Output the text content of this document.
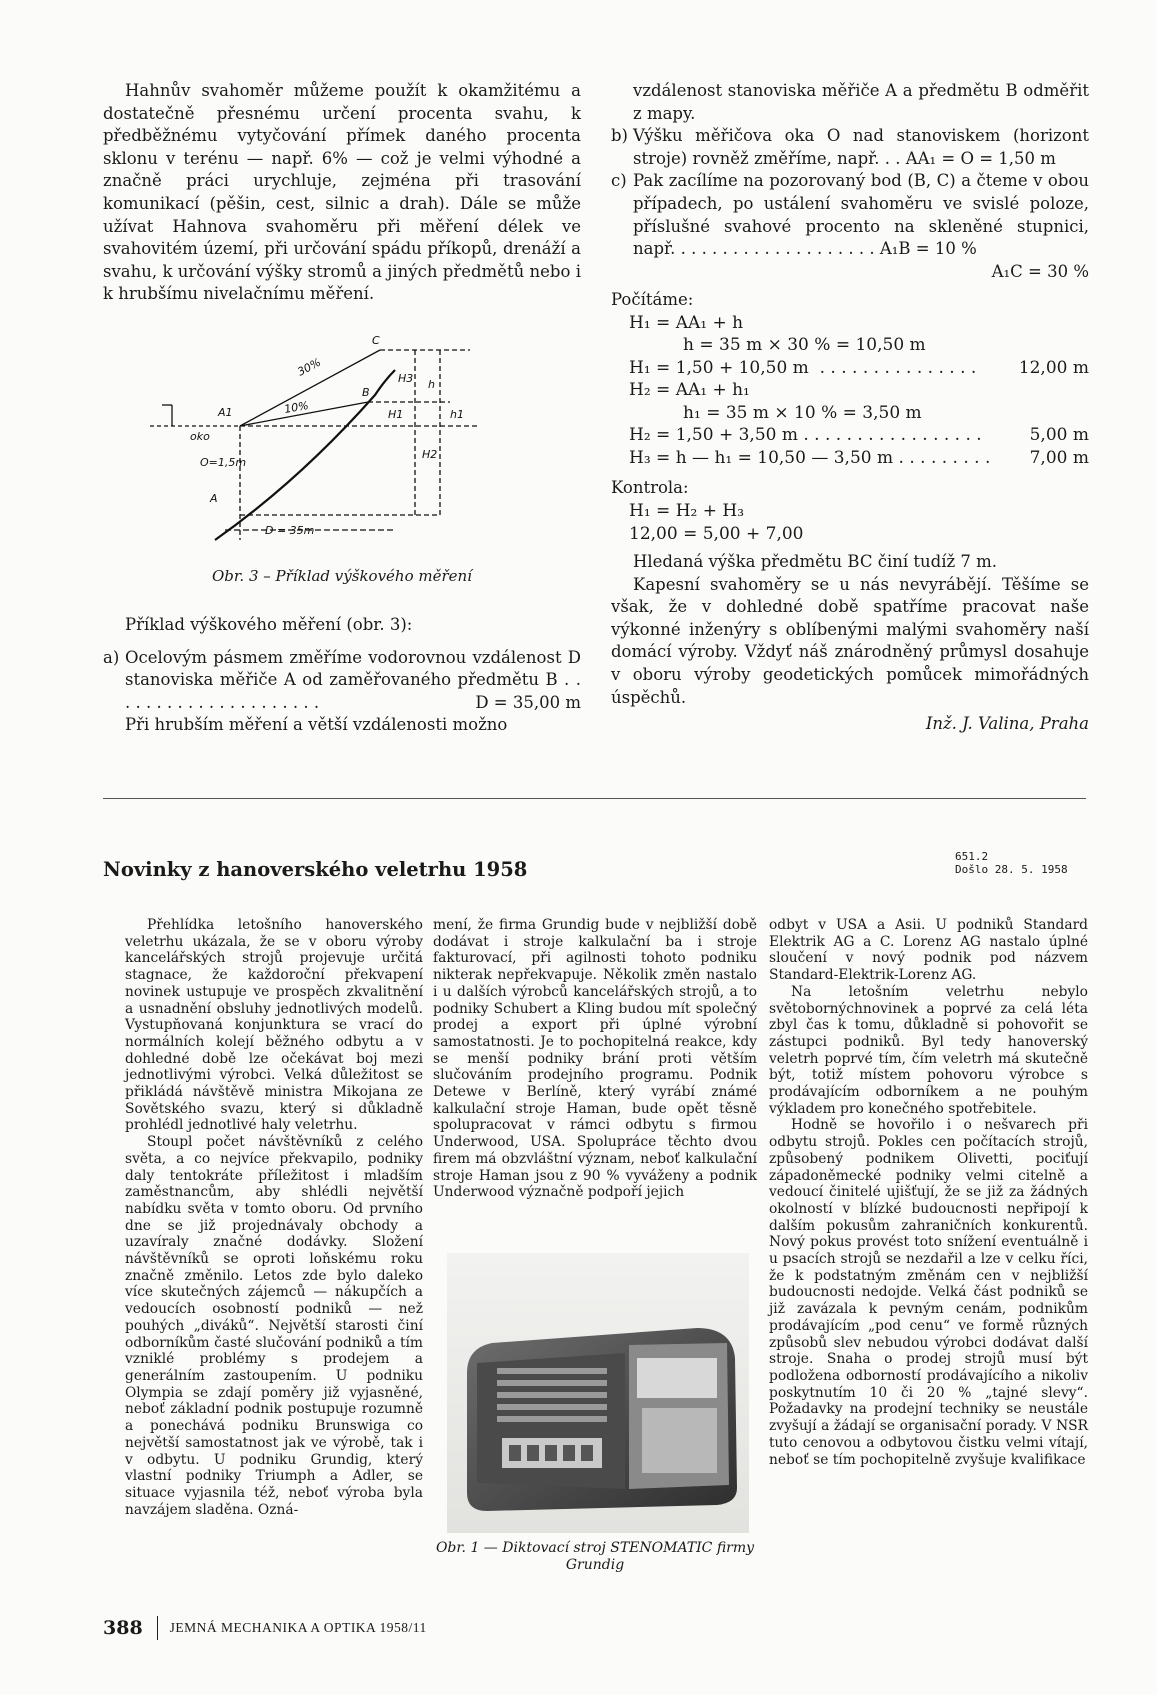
Hahnův svahoměr můžeme použít k okamžitému a dostatečně přesnému určení procenta svahu, k předběžnému vytyčování přímek daného procenta sklonu v terénu — např. 6% — což je velmi výhodné a značně práci urychluje, zejména při trasování komunikací (pěšin, cest, silnic a drah). Dále se může užívat Hahnova svahoměru při měření délek ve svahovitém území, při určování spádu příkopů, drenáží a svahu, k určování výšky stromů a jiných předmětů nebo i k hrubšímu nivelačnímu měření.

C
B
A1
A
oko
O=1,5m
30%
10%
H3 h
H1	h1
H2
D = 35m
Obr. 3 – Příklad výškového měření

Příklad výškového měření (obr. 3):

a) Ocelovým pásmem změříme vodorovnou vzdálenost D stanoviska měřiče A od zaměřovaného předmětu B . . . . . . . . . . . . . . . . . . . . .	D = 35,00 m

Při hrubším měření a větší vzdálenosti možno
vzdálenost stanoviska měřiče A a předmětu B odměřit z mapy.
b) Výšku měřičova oka O nad stanoviskem (horizont stroje) rovněž změříme, např. . . AA₁ = O = 1,50 m
c) Pak zacílíme na pozorovaný bod (B, C) a čteme v obou případech, po ustálení svahoměru ve svislé poloze, příslušné svahové procento na skleněné stupnici, např. . . . . . . . . . . . . . . . . . . . A₁B = 10 %
A₁C = 30 %
Počítáme:
H₁ = AA₁ + h
h = 35 m × 30 % = 10,50 m
H₁ = 1,50 + 10,50 m  . . . . . . . . . . . . . . . 12,00 m
H₂ = AA₁ + h₁
h₁ = 35 m × 10 % = 3,50 m
H₂ = 1,50 + 3,50 m . . . . . . . . . . . . . . . . .	5,00 m
H₃ = h — h₁ = 10,50 — 3,50 m . . . . . . . . . 7,00 m
Kontrola:
H₁ = H₂ + H₃
12,00 = 5,00 + 7,00

Hledaná výška předmětu BC činí tudíž 7 m.

Kapesní svahoměry se u nás nevyrábějí. Těšíme se však, že v dohledné době spatříme pracovat naše výkonné inženýry s oblíbenými malými svahoměry naší domácí výroby. Vždyť náš znárodněný průmysl dosahuje v oboru výroby geodetických pomůcek mimořádných úspěchů.

Inž. J. Valina, Praha

Novinky z hanoverského veletrhu 1958
651.2
Došlo 28. 5. 1958

Přehlídka letošního hanoverského veletrhu ukázala, že se v oboru výroby kancelářských strojů projevuje určitá stagnace, že každoroční překvapení novinek ustupuje ve prospěch zkvalitnění a usnadnění obsluhy jednotlivých modelů. Vystupňovaná konjunktura se vrací do normálních kolejí běžného odbytu a v dohledné době lze očekávat boj mezi jednotlivými výrobci. Velká důležitost se přikládá návštěvě ministra Mikojana ze Sovětského svazu, který si důkladně prohlédl jednotlivé haly veletrhu.

Stoupl počet návštěvníků z celého světa, a co nejvíce překvapilo, podniky daly tentokráte příležitost i mladším zaměstnancům, aby shlédli největší nabídku světa v tomto oboru. Od prvního dne se již projednávaly obchody a uzavíraly značné dodávky. Složení návštěvníků se oproti loňskému roku značně změnilo. Letos zde bylo daleko více skutečných zájemců — nákupčích a vedoucích osobností podniků — než pouhých „diváků“. Největší starosti činí odborníkům časté slučování podniků a tím vzniklé problémy s prodejem a generálním zastoupením. U podniku Olympia se zdají poměry již vyjasněné, neboť základní podnik postupuje rozumně a ponechává podniku Brunswiga co největší samostatnost jak ve výrobě, tak i v odbytu. U podniku Grundig, který vlastní podniky Triumph a Adler, se situace vyjasnila též, neboť výroba byla navzájem sladěna. Ozná-

mení, že firma Grundig bude v nejbližší době dodávat i stroje kalkulační ba i stroje fakturovací, při agilnosti tohoto podniku nikterak nepřekvapuje. Několik změn nastalo i u dalších výrobců kancelářských strojů, a to podniky Schubert a Kling budou mít společný prodej a export při úplné výrobní samostatnosti. Je to pochopitelná reakce, kdy se menší podniky brání proti větším slučováním prodejního programu. Podnik Detewe v Berlíně, který vyrábí známé kalkulační stroje Haman, bude opět těsně spolupracovat v rámci odbytu s firmou Underwood, USA. Spolupráce těchto dvou firem má obzvláštní význam, neboť kalkulační stroje Haman jsou z 90 % vyváženy a podnik Underwood význačně podpoří jejich

Obr. 1 — Diktovací stroj STENOMATIC firmy Grundig

odbyt v USA a Asii. U podniků Standard Elektrik AG a C. Lorenz AG nastalo úplné sloučení v nový podnik pod názvem Standard-Elektrik-Lorenz AG.

Na letošním veletrhu nebylo světobornýchnovinek a poprvé za celá léta zbyl čas k tomu, důkladně si pohovořit se zástupci podniků. Byl tedy hanoverský veletrh poprvé tím, čím veletrh má skutečně být, totiž místem pohovoru výrobce s prodávajícím odborníkem a ne pouhým výkladem pro konečného spotřebitele.

Hodně se hovořilo i o nešvarech při odbytu strojů. Pokles cen počítacích strojů, způsobený podnikem Olivetti, pociťují západoněmecké podniky velmi citelně a vedoucí činitelé ujišťují, že se již za žádných okolností v blízké budoucnosti nepřipojí k dalším pokusům zahraničních konkurentů. Nový pokus provést toto snížení eventuálně i u psacích strojů se nezdařil a lze v celku říci, že k podstatným změnám cen v nejbližší budoucnosti nedojde. Velká část podniků se již zavázala k pevným cenám, podnikům prodávajícím „pod cenu“ ve formě různých způsobů slev nebudou výrobci dodávat další stroje. Snaha o prodej strojů musí být podložena odborností prodávajícího a nikoliv poskytnutím 10 či 20 % „tajné slevy“. Požadavky na prodejní techniky se neustále zvyšují a žádají se organisační porady. V NSR tuto cenovou a odbytovou čistku velmi vítají, neboť se tím pochopitelně zvyšuje kvalifikace

388 JEMNÁ MECHANIKA A OPTIKA 1958/11
